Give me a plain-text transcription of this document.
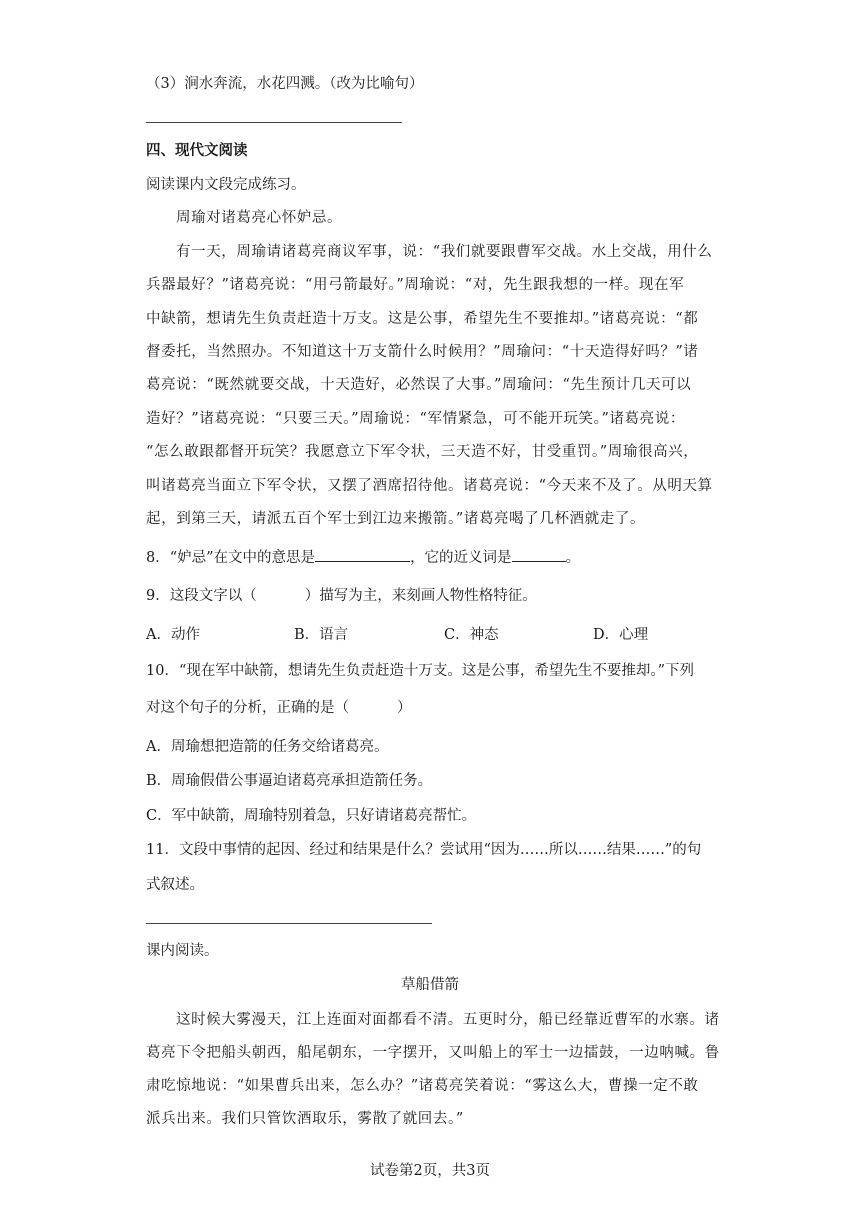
（3）涧水奔流，水花四溅。（改为比喻句）
四、现代文阅读
阅读课内文段完成练习。
周瑜对诸葛亮心怀妒忌。
有一天，周瑜请诸葛亮商议军事，说：“我们就要跟曹军交战。水上交战，用什么
兵器最好？”诸葛亮说：“用弓箭最好。”周瑜说：“对，先生跟我想的一样。现在军
中缺箭，想请先生负责赶造十万支。这是公事，希望先生不要推却。”诸葛亮说：“都
督委托，当然照办。不知道这十万支箭什么时候用？”周瑜问：“十天造得好吗？”诸
葛亮说：“既然就要交战，十天造好，必然误了大事。”周瑜问：“先生预计几天可以
造好？”诸葛亮说：“只要三天。”周瑜说：“军情紧急，可不能开玩笑。”诸葛亮说：
“怎么敢跟都督开玩笑？我愿意立下军令状，三天造不好，甘受重罚。”周瑜很高兴，
叫诸葛亮当面立下军令状，又摆了酒席招待他。诸葛亮说：“今天来不及了。从明天算
起，到第三天，请派五百个军士到江边来搬箭。”诸葛亮喝了几杯酒就走了。
8．“妒忌”在文中的意思是	，它的近义词是	。
9．这段文字以（	）描写为主，来刻画人物性格特征。
A．动作	B．语言	C．神态	D．心理
10．“现在军中缺箭，想请先生负责赶造十万支。这是公事，希望先生不要推却。”下列
对这个句子的分析，正确的是（	）
A．周瑜想把造箭的任务交给诸葛亮。
B．周瑜假借公事逼迫诸葛亮承担造箭任务。
C．军中缺箭，周瑜特别着急，只好请诸葛亮帮忙。
11．文段中事情的起因、经过和结果是什么？尝试用“因为……所以……结果……”的句
式叙述。
课内阅读。
草船借箭
这时候大雾漫天，江上连面对面都看不清。五更时分，船已经靠近曹军的水寨。诸
葛亮下令把船头朝西，船尾朝东，一字摆开，又叫船上的军士一边擂鼓，一边呐喊。鲁
肃吃惊地说：“如果曹兵出来，怎么办？”诸葛亮笑着说：“雾这么大，曹操一定不敢
派兵出来。我们只管饮酒取乐，雾散了就回去。”
试卷第2页，共3页
